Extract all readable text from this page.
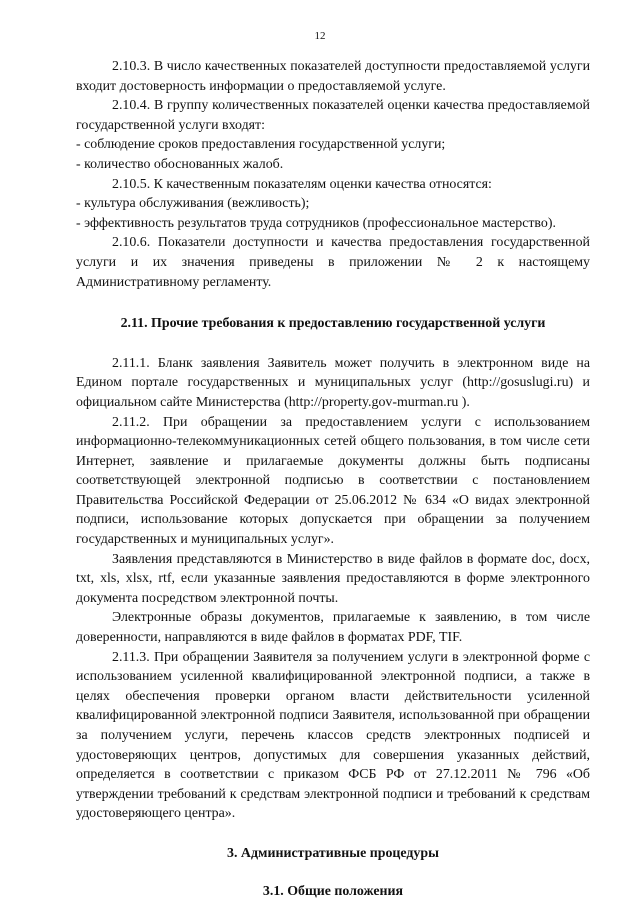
12

2.10.3. В число качественных показателей доступности предоставляемой услуги входит достоверность информации о предоставляемой услуге.

2.10.4. В группу количественных показателей оценки качества предоставляемой государственной услуги входят:

- соблюдение сроков предоставления государственной услуги;

- количество обоснованных жалоб.

2.10.5. К качественным показателям оценки качества относятся:

- культура обслуживания (вежливость);

- эффективность результатов труда сотрудников (профессиональное мастерство).

2.10.6. Показатели доступности и качества предоставления государственной услуги и их значения приведены в приложении № 2 к настоящему Административному регламенту.

2.11. Прочие требования к предоставлению государственной услуги

2.11.1. Бланк заявления Заявитель может получить в электронном виде на Едином портале государственных и муниципальных услуг (http://gosuslugi.ru) и официальном сайте Министерства (http://property.gov-murman.ru ).

2.11.2. При обращении за предоставлением услуги с использованием информационно-телекоммуникационных сетей общего пользования, в том числе сети Интернет, заявление и прилагаемые документы должны быть подписаны соответствующей электронной подписью в соответствии с постановлением Правительства Российской Федерации от 25.06.2012 № 634 «О видах электронной подписи, использование которых допускается при обращении за получением государственных и муниципальных услуг».

Заявления представляются в Министерство в виде файлов в формате doc, docx, txt, xls, xlsx, rtf, если указанные заявления предоставляются в форме электронного документа посредством электронной почты.

Электронные образы документов, прилагаемые к заявлению, в том числе доверенности, направляются в виде файлов в форматах PDF, TIF.

2.11.3. При обращении Заявителя за получением услуги в электронной форме с использованием усиленной квалифицированной электронной подписи, а также в целях обеспечения проверки органом власти действительности усиленной квалифицированной электронной подписи Заявителя, использованной при обращении за получением услуги, перечень классов средств электронных подписей и удостоверяющих центров, допустимых для совершения указанных действий, определяется в соответствии с приказом ФСБ РФ от 27.12.2011 № 796 «Об утверждении требований к средствам электронной подписи и требований к средствам удостоверяющего центра».

3. Административные процедуры
3.1. Общие положения
